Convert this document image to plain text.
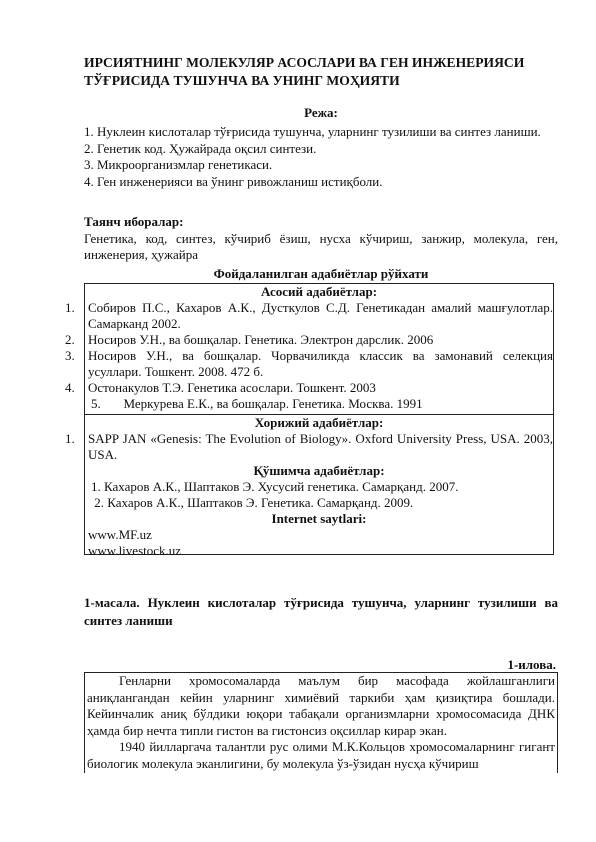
ИРСИЯТНИНГ МОЛЕКУЛЯР АСОСЛАРИ ВА ГЕН ИНЖЕНЕРИЯСИ ТЎҒРИСИДА ТУШУНЧА ВА УНИНГ МОҲИЯТИ
Режа:
1. Нуклеин кислоталар тўғрисида тушунча, уларнинг тузилиши ва синтез ланиши.
2. Генетик код. Ҳужайрада оқсил синтези.
3. Микроорганизмлар генетикаси.
4. Ген инженерияси ва ўнинг ривожланиш истиқболи.
Таянч иборалар:
Генетика, код, синтез, кўчириб ёзиш, нусха кўчириш, занжир, молекула, ген, инженерия, ҳужайра
Фойдаланилган адабиётлар рўйхати
Асосий адабиётлар:
1. Собиров П.С., Кахаров А.К., Дусткулов С.Д. Генетикадан амалий машғулотлар. Самарканд 2002.
2. Носиров У.Н., ва бошқалар. Генетика. Электрон дарслик. 2006
3. Носиров У.Н., ва бошқалар. Чорвачиликда классик ва замонавий селекция усуллари. Тошкент. 2008. 472 б.
4. Остонакулов Т.Э. Генетика асослари. Тошкент. 2003
5.       Меркурева Е.К., ва бошқалар. Генетика. Москва. 1991
Хорижий адабиётлар:
1. SAPP JAN «Genesis: The Evolution of Biology». Oxford University Press, USA. 2003, USA.
Қўшимча адабиётлар:
1. Кахаров А.К., Шаптаков Э. Хусусий генетика. Самарқанд. 2007.
2. Кахаров А.К., Шаптаков Э. Генетика. Самарқанд. 2009.
Internet saytlari:
www.MF.uz
www.livestock.uz
1-масала. Нуклеин кислоталар тўғрисида тушунча, уларнинг тузилиши ва синтез ланиши
1-илова.

Генларни хромосомаларда маълум бир масофада жойлашганлиги аниқлангандан кейин уларнинг химиёвий таркиби ҳам қизиқтира бошлади. Кейинчалик аниқ бўлдики юқори табақали организмларни хромосомасида ДНК ҳамда бир нечта типли гистон ва гистонсиз оқсиллар кирар экан.

1940 йилларгача талантли рус олими М.К.Кольцов хромосомаларнинг гигант биологик молекула эканлигини, бу молекула ўз-ўзидан нусҳа кўчириш
